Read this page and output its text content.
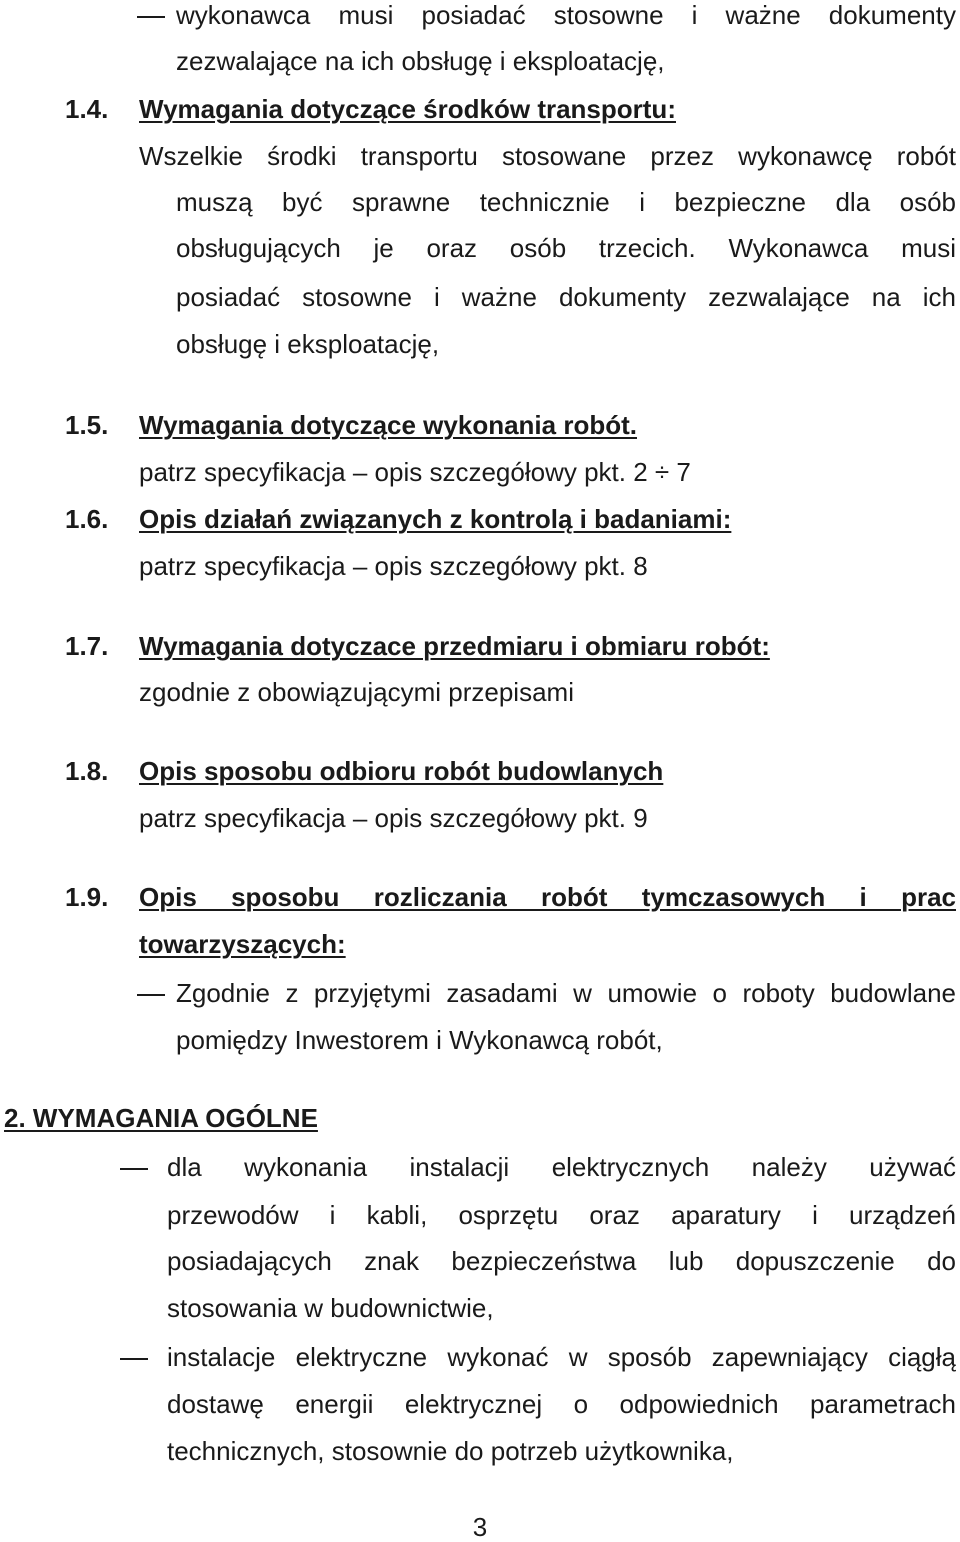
wykonawca musi posiadać stosowne i ważne dokumenty
zezwalające na ich obsługę i eksploatację,
1.4. Wymagania dotyczące środków transportu:
Wszelkie środki transportu stosowane przez wykonawcę robót
muszą być sprawne technicznie i bezpieczne dla osób
obsługujących je oraz osób trzecich. Wykonawca musi
posiadać stosowne i ważne dokumenty zezwalające na ich
obsługę i eksploatację,
1.5. Wymagania dotyczące wykonania robót.
patrz specyfikacja – opis szczegółowy pkt. 2 ÷ 7
1.6. Opis działań związanych z kontrolą i badaniami:
patrz specyfikacja – opis szczegółowy pkt. 8
1.7. Wymagania dotyczace przedmiaru i obmiaru robót:
zgodnie z obowiązującymi przepisami
1.8. Opis sposobu odbioru robót budowlanych
patrz specyfikacja – opis szczegółowy pkt. 9
1.9. Opis sposobu rozliczania robót tymczasowych i prac
towarzyszących:
Zgodnie z przyjętymi zasadami w umowie o roboty budowlane
pomiędzy Inwestorem i Wykonawcą robót,
2. WYMAGANIA OGÓLNE
dla wykonania instalacji elektrycznych należy używać
przewodów i kabli, osprzętu oraz aparatury i urządzeń
posiadających znak bezpieczeństwa lub dopuszczenie do
stosowania w budownictwie,
instalacje elektryczne wykonać w sposób zapewniający ciągłą
dostawę energii elektrycznej o odpowiednich parametrach
technicznych, stosownie do potrzeb użytkownika,
3
